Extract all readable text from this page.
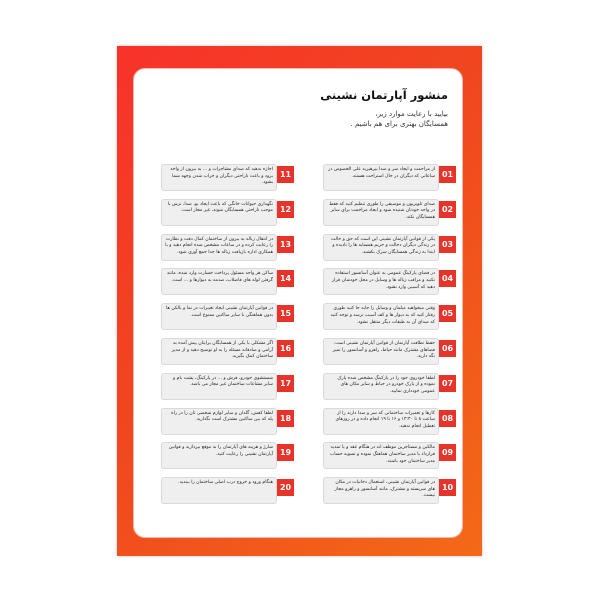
منشور آپارتمان نشینی

بیایید با رعایت موارد زیر،

همسایگان بهتری برای هم باشیم .

01
از مزاحمت و ایجاد سر و صدا بپرهیزید علی الخصوص در ساعاتی که دیگران در حال استراحت هستند.
02
صدای تلویزیون و موسیقی را طوری تنظیم کنید که فقط در واحد خودتان شنیده شود و ایجاد مزاحمت برای سایر همسایگان نکند.
03
یکی از قوانین آپارتمان نشینی این است که حق و حالت در زندگی دیگران دخالت و حریم همسایه ها را نادیده و ابتدا به زندگی همسایگان سرک بکشید.
04
در فضای پارکینگ عمومی به عنوان آسانسور استفاده نکنید و مراقب زباله ها و وسایل در محل خودشان قرار دهید که آسیبی وارد نشود.
05
وقتی میخواهید مبلمان و وسایل را جابه جا کنید طوری رفتار کنید که به دیوار ها و کف آسیب نرسد و توجه کنید که صدای آن به طبقات دیگر منتقل نشود.
06
حفظ نظافت آپارتمان از قوانین آپارتمان نشینی است. فضاهای مشترک مانند حیاط، راهرو و آسانسور را تمیز نگه دارید.
07
لطفا خودروی خود را در پارکینگ مشخص شده پارک نموده و از پارک خودرو در حیاط و سایر مکان های عمومی خودداری نمایید.
08
کارها و تعمیرات ساختمانی که سر و صدا دارند را از ساعت ۸ تا ۱۳:۳۰ و ۱۶ تا ۱۹ انجام داده و در روزهای تعطیل انجام ندهید.
09
مالکین و مستاجرین موظف اند در هنگام عقد و یا تمدید قرارداد با مدیر ساختمان هماهنگ نموده و تسویه حساب مدیر ساختمان خود باشند.
10
در قوانین آپارتمان نشینی، استعمال دخانیات در مکان های سربسته و مشترک، مانند آسانسور و راهرو مجاز نیست.
11
اجازه ندهید که صدای مشاجرات و ... به بیرون از واحد برود و باعث ناراحتی دیگران و خراب شدن وجهه شما بشود.
12
نگهداری حیوانات خانگی که باعث ایجاد بو، صدا، ترس یا موجب ناراحتی همسایگان شوند، غیر مجاز است.
13
در انتقال زباله به بیرون از ساختمان کمال دقت و نظارت را رعایت کرده و در ساعات مشخص شده انجام دهید و با همکاری اداره بازیافت زباله ها جدا جمع آوری شود.
14
ساکن هر واحد مسئول پرداخت خسارت وارد شده، مانند گرفتن لوله های فاضلاب، صدمه به دیوارها و ... است.
15
در قوانین آپارتمان نشینی ایجاد تغییرات در نما و بالکن ها بدون هماهنگی با سایر ساکنین ممنوع است.
16
اگر مشکلی با یکی از همسایگان برایتان پیش آمده به آرامی و صادقانه مسئله را به او توضیح دهید و از مدیر ساختمان کمک بگیرید.
17
شستشوی خودرو، فرش و ... در پارکینگ، پشت بام و سایر مشاعات ساختمان غیر مجاز می باشد.
18
لطفا کفش، گلدان و سایر لوازم شخصی تان را در راه پله که بین ساکنین مشترک است نگذارید.
19
شارژ و هزینه های آپارتمان را به موقع بپردازید و قوانین آپارتمان نشینی را رعایت کنید.
20
هنگام ورود و خروج درب اصلی ساختمان را ببندید.
